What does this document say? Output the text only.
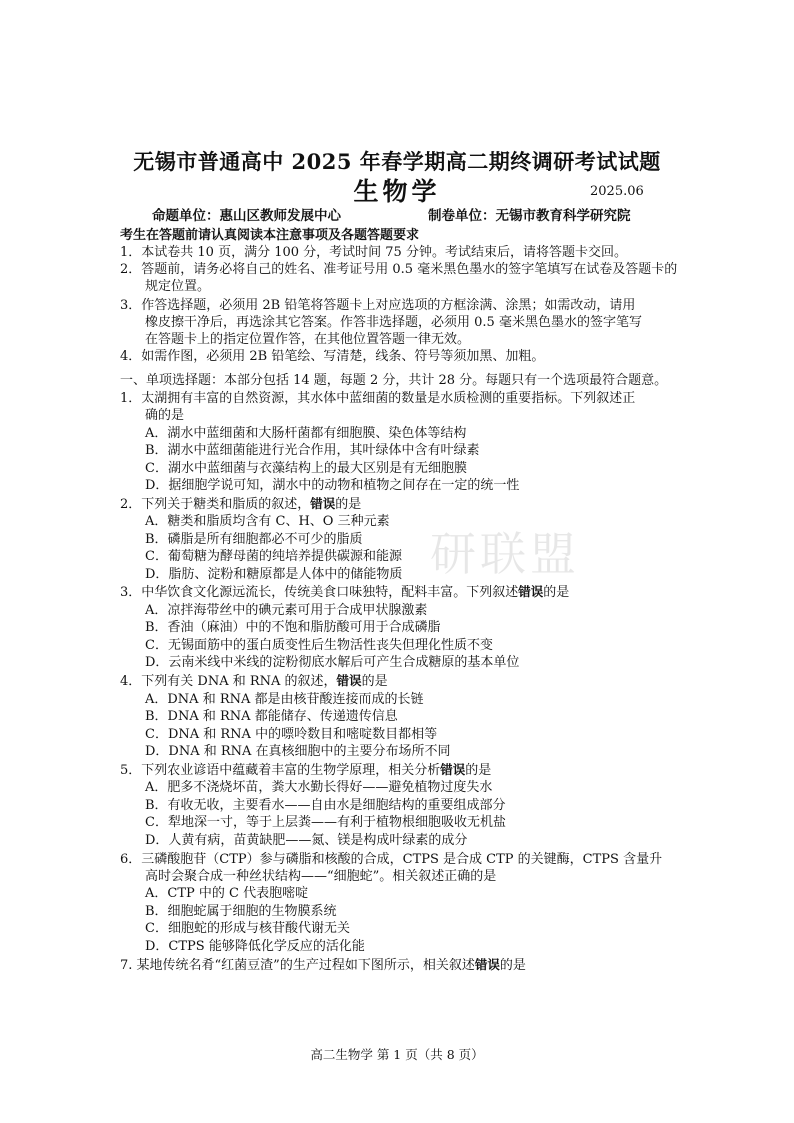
无锡市普通高中 2025 年春学期高二期终调研考试试题
生物学	2025.06
命题单位：惠山区教师发展中心	制卷单位：无锡市教育科学研究院
考生在答题前请认真阅读本注意事项及各题答题要求
1．本试卷共 10 页，满分 100 分，考试时间 75 分钟。考试结束后，请将答题卡交回。
2．答题前，请务必将自己的姓名、准考证号用 0.5 毫米黑色墨水的签字笔填写在试卷及答题卡的
规定位置。
3．作答选择题，必须用 2B 铅笔将答题卡上对应选项的方框涂满、涂黑；如需改动，请用
橡皮擦干净后，再选涂其它答案。作答非选择题，必须用 0.5 毫米黑色墨水的签字笔写
在答题卡上的指定位置作答，在其他位置答题一律无效。
4．如需作图，必须用 2B 铅笔绘、写清楚，线条、符号等须加黑、加粗。
一、单项选择题：本部分包括 14 题，每题 2 分，共计 28 分。每题只有一个选项最符合题意。
1．太湖拥有丰富的自然资源，其水体中蓝细菌的数量是水质检测的重要指标。下列叙述正
确的是
A．湖水中蓝细菌和大肠杆菌都有细胞膜、染色体等结构
B．湖水中蓝细菌能进行光合作用，其叶绿体中含有叶绿素
C．湖水中蓝细菌与衣藻结构上的最大区别是有无细胞膜
D．据细胞学说可知，湖水中的动物和植物之间存在一定的统一性
2．下列关于糖类和脂质的叙述，错误的是
A．糖类和脂质均含有 C、H、O 三种元素
B．磷脂是所有细胞都必不可少的脂质
C．葡萄糖为酵母菌的纯培养提供碳源和能源
D．脂肪、淀粉和糖原都是人体中的储能物质
3．中华饮食文化源远流长，传统美食口味独特，配料丰富。下列叙述错误的是
A．凉拌海带丝中的碘元素可用于合成甲状腺激素
B．香油（麻油）中的不饱和脂肪酸可用于合成磷脂
C．无锡面筋中的蛋白质变性后生物活性丧失但理化性质不变
D．云南米线中米线的淀粉彻底水解后可产生合成糖原的基本单位
4．下列有关 DNA 和 RNA 的叙述，错误的是
A．DNA 和 RNA 都是由核苷酸连接而成的长链
B．DNA 和 RNA 都能储存、传递遗传信息
C．DNA 和 RNA 中的嘌呤数目和嘧啶数目都相等
D．DNA 和 RNA 在真核细胞中的主要分布场所不同
5．下列农业谚语中蕴藏着丰富的生物学原理，相关分析错误的是
A．肥多不浇烧坏苗，粪大水勤长得好——避免植物过度失水
B．有收无收，主要看水——自由水是细胞结构的重要组成部分
C．犁地深一寸，等于上层粪——有利于植物根细胞吸收无机盐
D．人黄有病，苗黄缺肥——氮、镁是构成叶绿素的成分
6．三磷酸胞苷（CTP）参与磷脂和核酸的合成，CTPS 是合成 CTP 的关键酶，CTPS 含量升
高时会聚合成一种丝状结构——“细胞蛇”。相关叙述正确的是
A．CTP 中的 C 代表胞嘧啶
B．细胞蛇属于细胞的生物膜系统
C．细胞蛇的形成与核苷酸代谢无关
D．CTPS 能够降低化学反应的活化能
7. 某地传统名肴“红菌豆渣”的生产过程如下图所示，相关叙述错误的是
研联盟
高二生物学 第 1 页（共 8 页）
